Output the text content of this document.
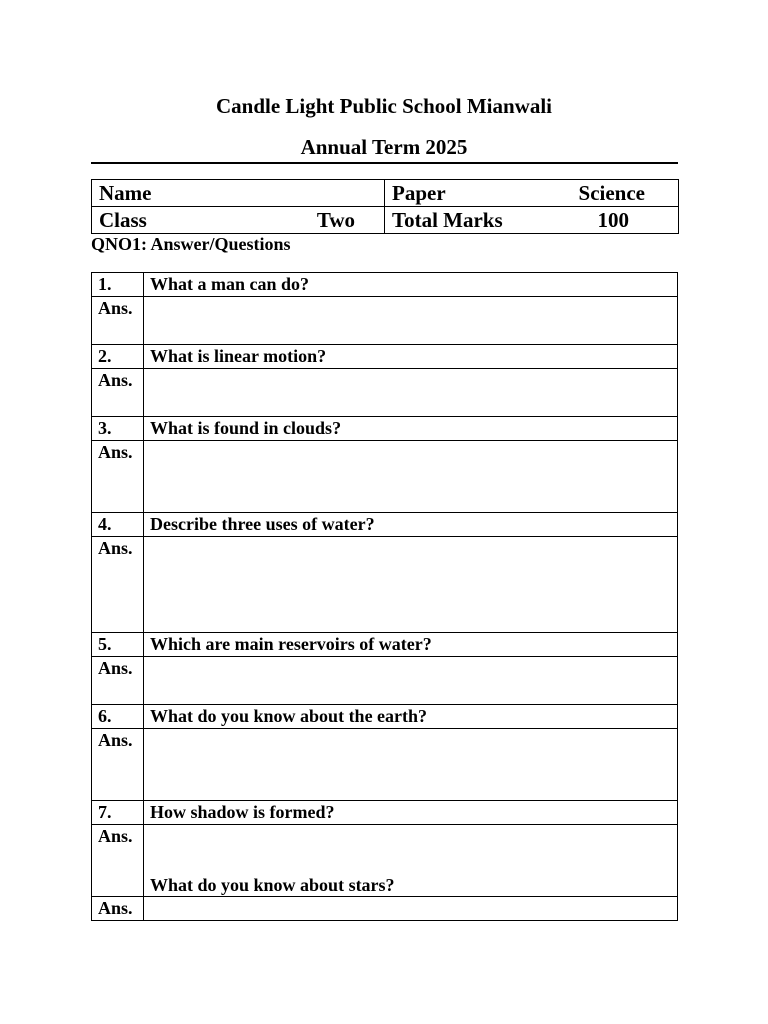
Candle Light Public School Mianwali
Annual Term 2025
Name	Paper Science

Class Two	Total Marks 100
QNO1: Answer/Questions
1.	What a man can do?
Ans.	
2.	What is linear motion?
Ans.	
3.	What is found in clouds?
Ans.	
4.	Describe three uses of water?
Ans.	
5.	Which are main reservoirs of water?
Ans.	
6.	What do you know about the earth?
Ans.	
7.	How shadow is formed?
Ans.	What do you know about stars?

Ans.	
